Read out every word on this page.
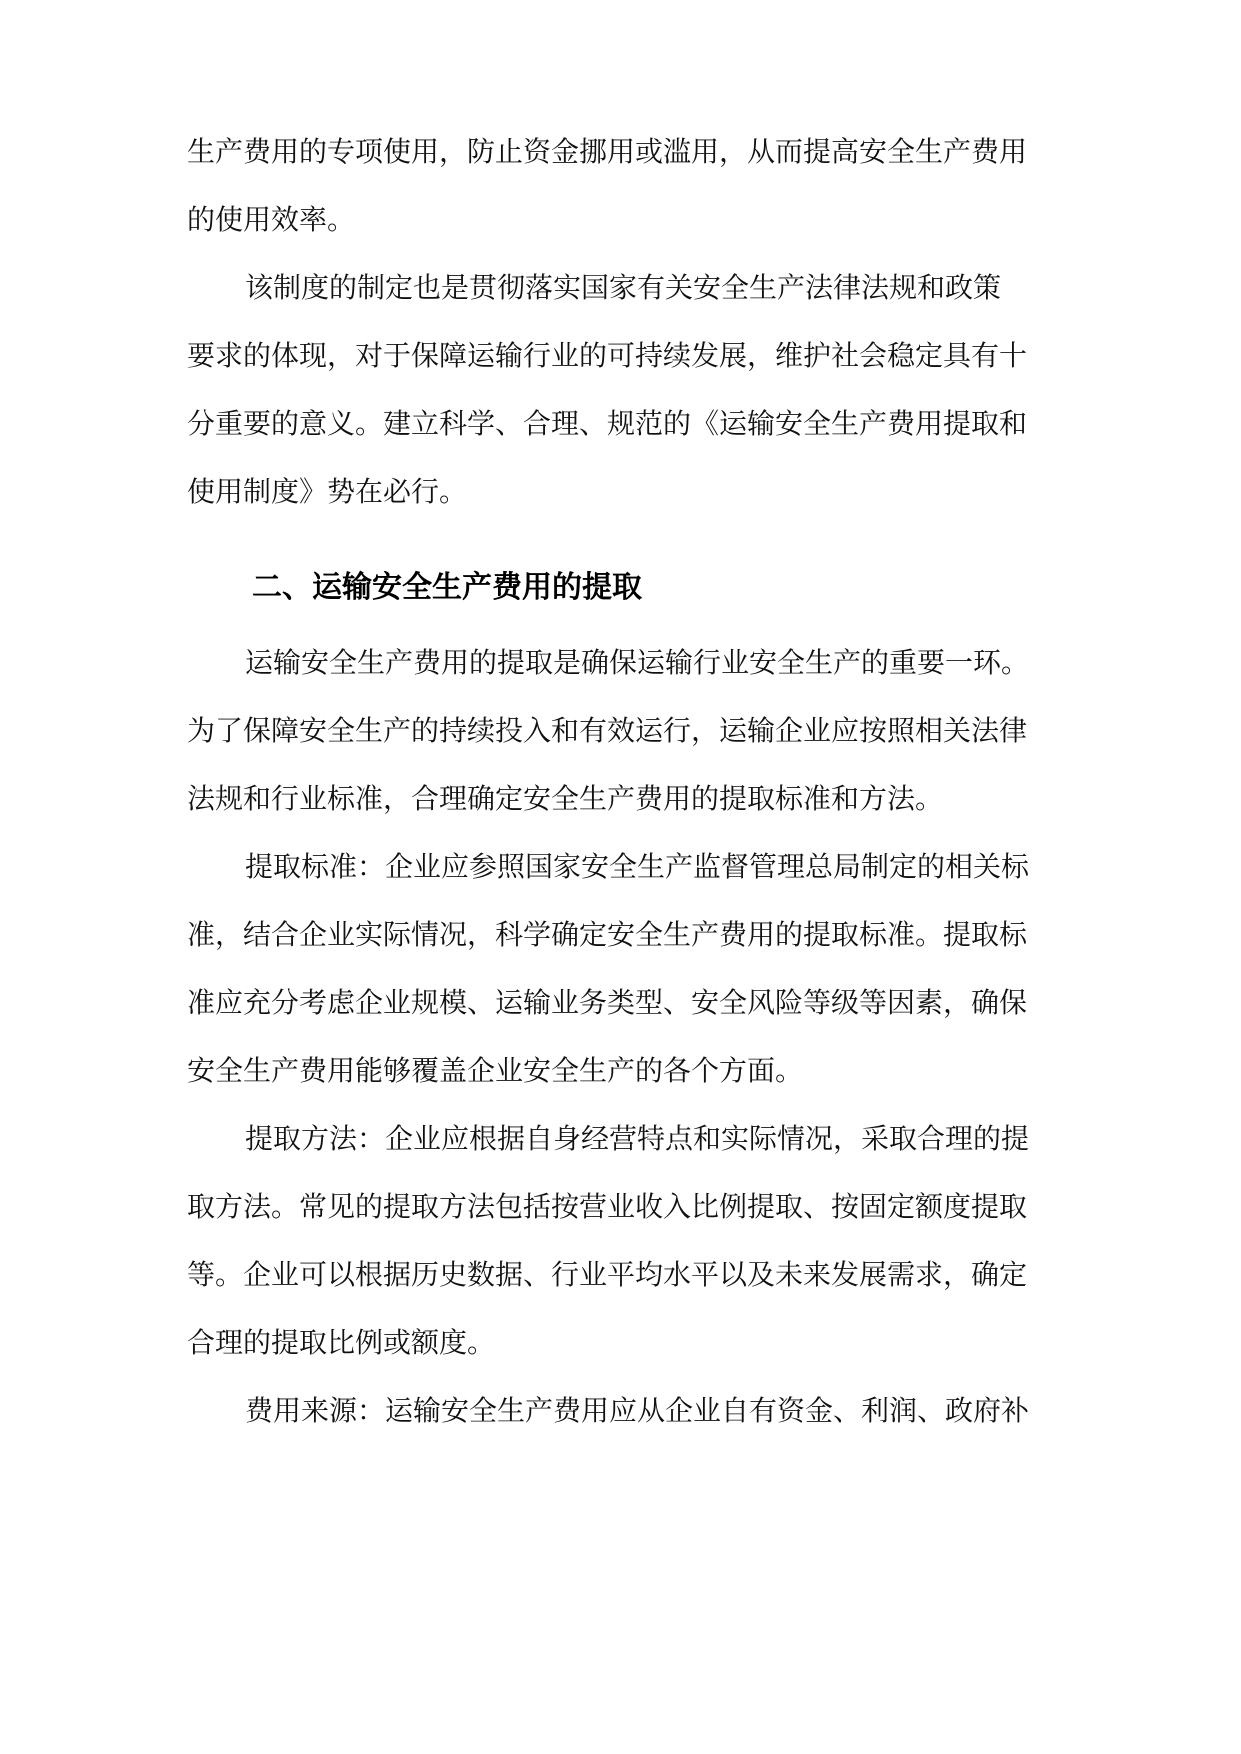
生产费用的专项使用，防止资金挪用或滥用，从而提高安全生产费用
的使用效率。
该制度的制定也是贯彻落实国家有关安全生产法律法规和政策
要求的体现，对于保障运输行业的可持续发展，维护社会稳定具有十
分重要的意义。建立科学、合理、规范的《运输安全生产费用提取和
使用制度》势在必行。
二、运输安全生产费用的提取
运输安全生产费用的提取是确保运输行业安全生产的重要一环。
为了保障安全生产的持续投入和有效运行，运输企业应按照相关法律
法规和行业标准，合理确定安全生产费用的提取标准和方法。
提取标准：企业应参照国家安全生产监督管理总局制定的相关标
准，结合企业实际情况，科学确定安全生产费用的提取标准。提取标
准应充分考虑企业规模、运输业务类型、安全风险等级等因素，确保
安全生产费用能够覆盖企业安全生产的各个方面。
提取方法：企业应根据自身经营特点和实际情况，采取合理的提
取方法。常见的提取方法包括按营业收入比例提取、按固定额度提取
等。企业可以根据历史数据、行业平均水平以及未来发展需求，确定
合理的提取比例或额度。
费用来源：运输安全生产费用应从企业自有资金、利润、政府补
